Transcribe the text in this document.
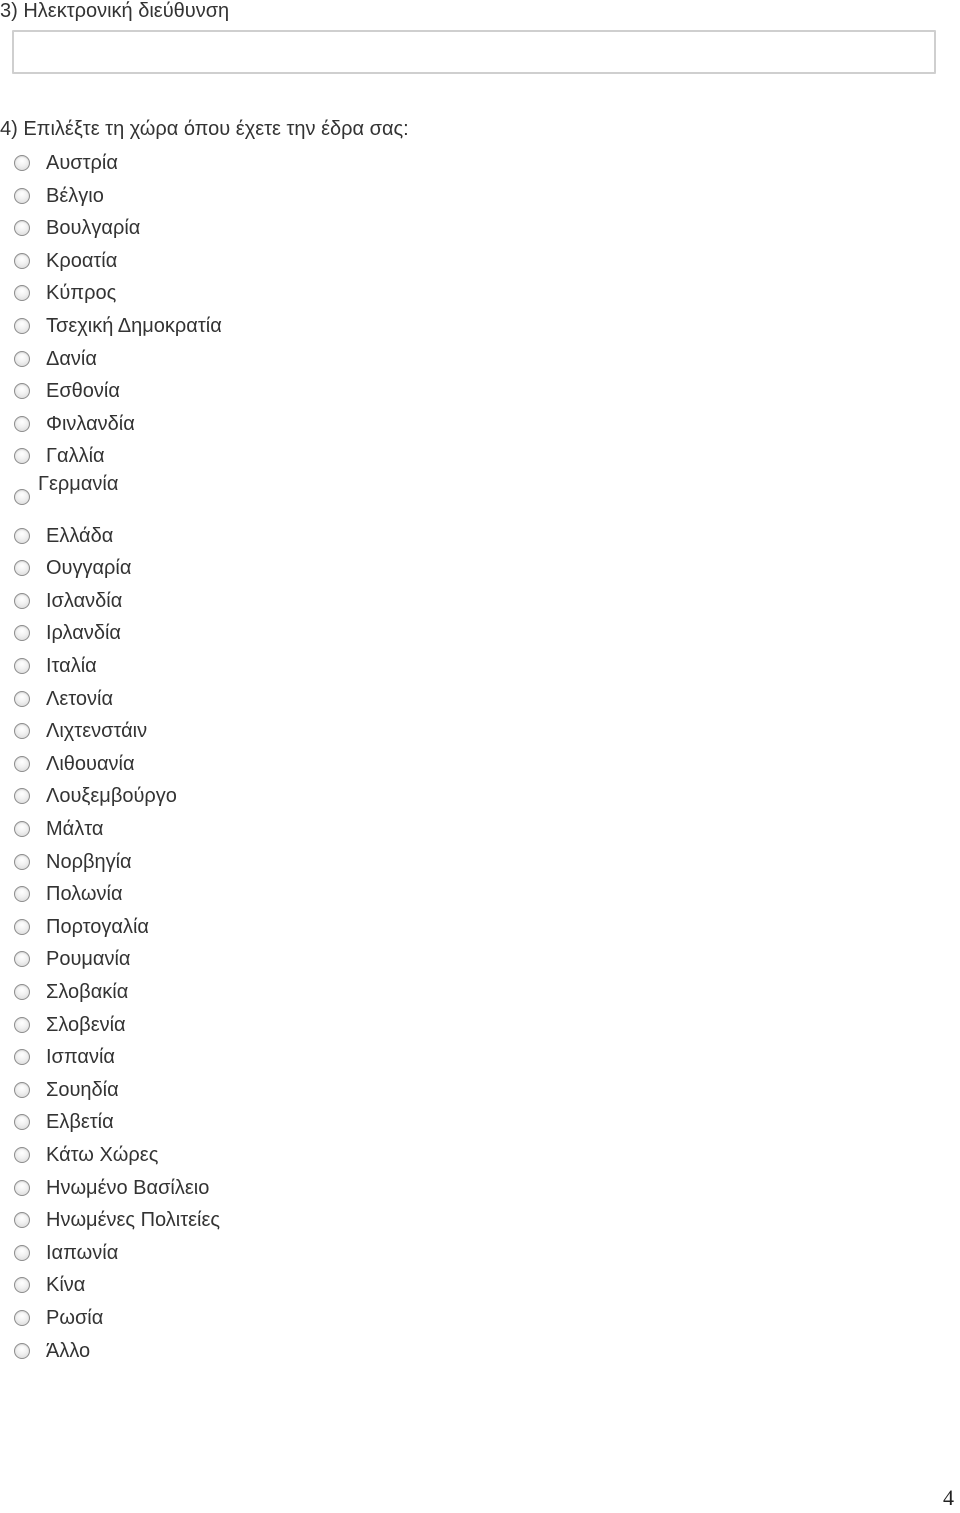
3) Ηλεκτρονική διεύθυνση
4) Επιλέξτε τη χώρα όπου έχετε την έδρα σας:
Αυστρία
Βέλγιο
Βουλγαρία
Κροατία
Κύπρος
Τσεχική Δημοκρατία
Δανία
Εσθονία
Φινλανδία
Γαλλία
Γερμανία
Ελλάδα
Ουγγαρία
Ισλανδία
Ιρλανδία
Ιταλία
Λετονία
Λιχτενστάιν
Λιθουανία
Λουξεμβούργο
Μάλτα
Νορβηγία
Πολωνία
Πορτογαλία
Ρουμανία
Σλοβακία
Σλοβενία
Ισπανία
Σουηδία
Ελβετία
Κάτω Χώρες
Ηνωμένο Βασίλειο
Ηνωμένες Πολιτείες
Ιαπωνία
Κίνα
Ρωσία
Άλλο
4
